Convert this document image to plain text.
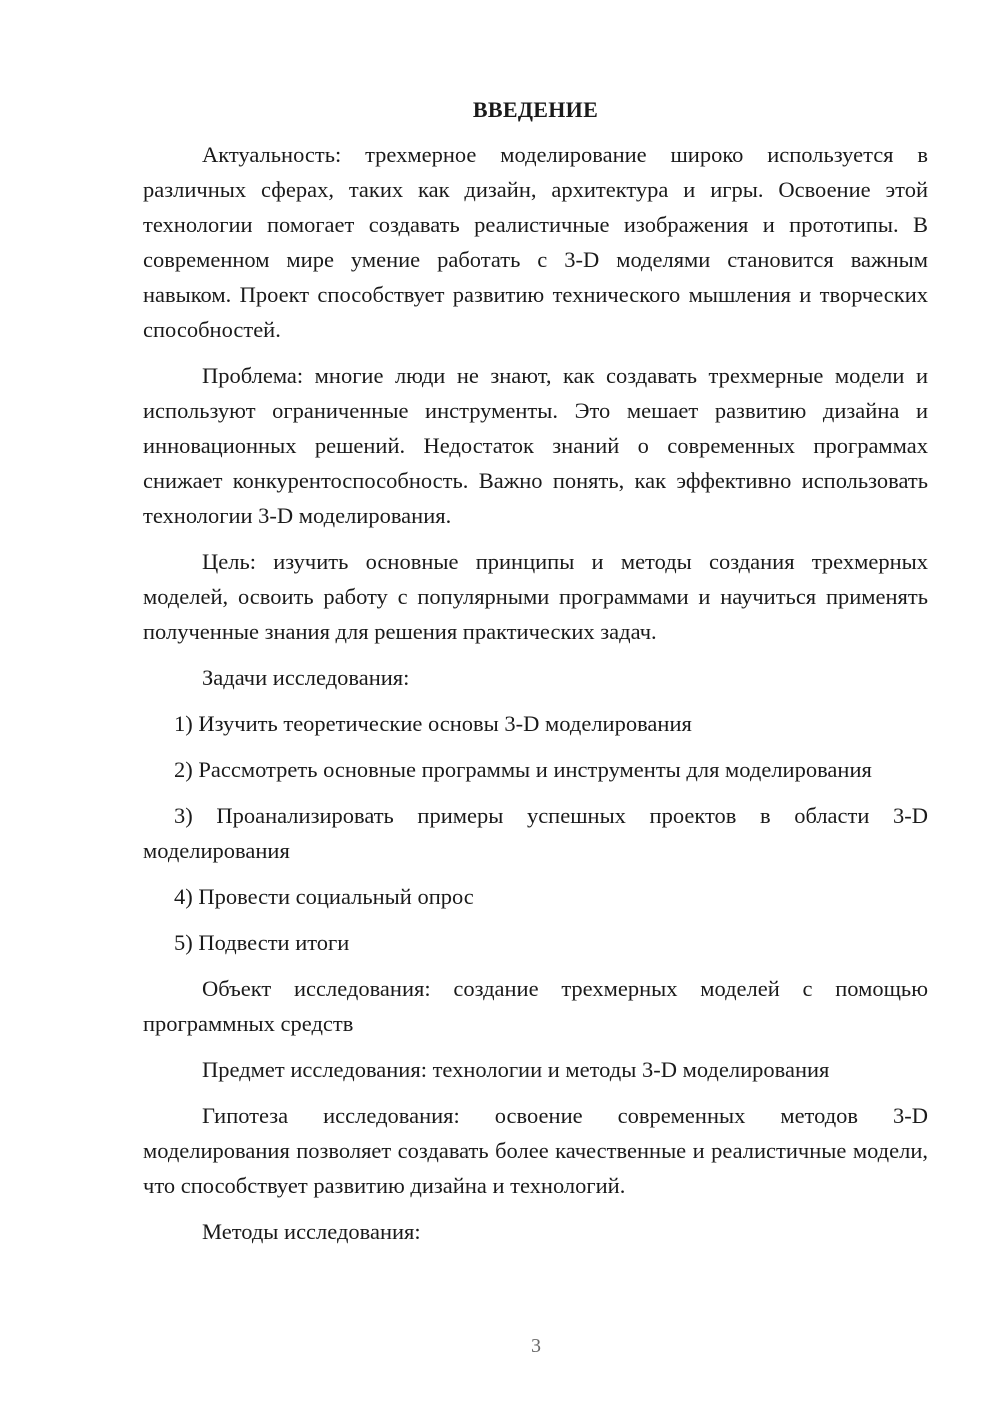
ВВЕДЕНИЕ

Актуальность: трехмерное моделирование широко используется в различных сферах, таких как дизайн, архитектура и игры. Освоение этой технологии помогает создавать реалистичные изображения и прототипы. В современном мире умение работать с 3-D моделями становится важным навыком. Проект способствует развитию технического мышления и творческих способностей.

Проблема: многие люди не знают, как создавать трехмерные модели и используют ограниченные инструменты. Это мешает развитию дизайна и инновационных решений. Недостаток знаний о современных программах снижает конкурентоспособность. Важно понять, как эффективно использовать технологии 3-D моделирования.

Цель: изучить основные принципы и методы создания трехмерных моделей, освоить работу с популярными программами и научиться применять полученные знания для решения практических задач.

Задачи исследования:

1) Изучить теоретические основы 3-D моделирования

2) Рассмотреть основные программы и инструменты для моделирования

3) Проанализировать примеры успешных проектов в области 3-D моделирования

4) Провести социальный опрос

5) Подвести итоги

Объект исследования: создание трехмерных моделей с помощью программных средств

Предмет исследования: технологии и методы 3-D моделирования

Гипотеза исследования: освоение современных методов 3-D моделирования позволяет создавать более качественные и реалистичные модели, что способствует развитию дизайна и технологий.

Методы исследования:

3
